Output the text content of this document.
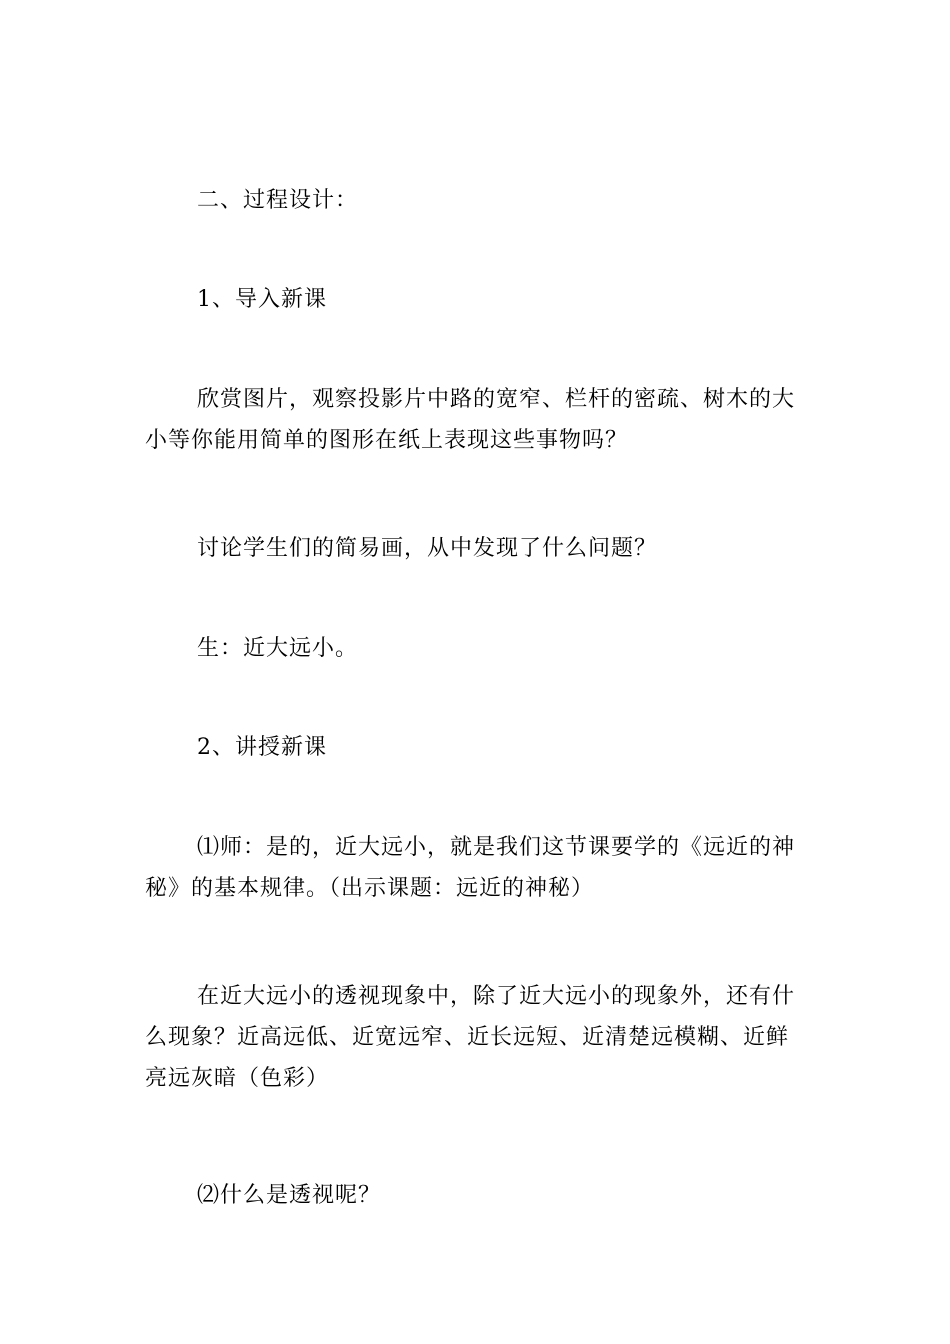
二、过程设计：

1、导入新课

欣赏图片，观察投影片中路的宽窄、栏杆的密疏、树木的大小等你能用简单的图形在纸上表现这些事物吗？

讨论学生们的简易画，从中发现了什么问题？

生：近大远小。

2、讲授新课

⑴师：是的，近大远小，就是我们这节课要学的《远近的神秘》的基本规律。（出示课题：远近的神秘）

在近大远小的透视现象中，除了近大远小的现象外，还有什么现象？近高远低、近宽远窄、近长远短、近清楚远模糊、近鲜亮远灰暗（色彩）

⑵什么是透视呢？
